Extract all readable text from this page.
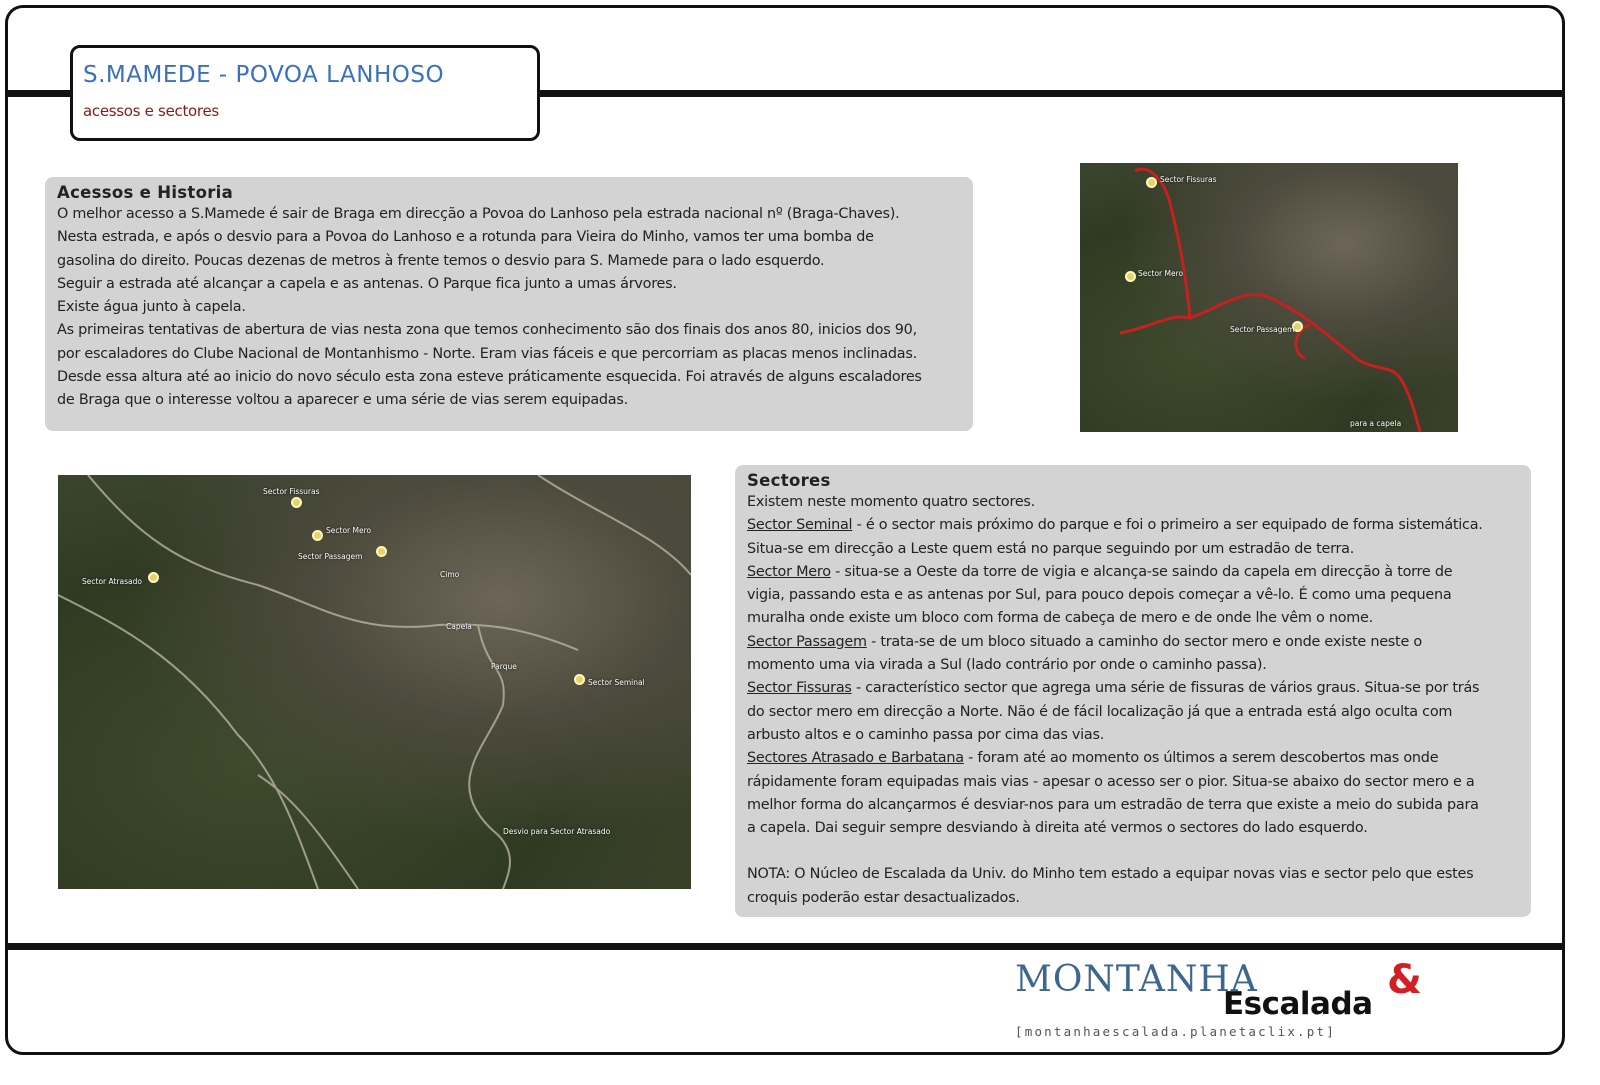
S.MAMEDE - POVOA LANHOSO
acessos e sectores
Acessos e Historia
O melhor acesso a S.Mamede é sair de Braga em direcção a Povoa do Lanhoso pela estrada nacional nº (Braga-Chaves).
Nesta estrada, e após o desvio para a Povoa do Lanhoso e a rotunda para Vieira do Minho, vamos ter uma bomba de
gasolina do direito. Poucas dezenas de metros à frente temos o desvio para S. Mamede para o lado esquerdo.
Seguir a estrada até alcançar a capela e as antenas. O Parque fica junto a umas árvores.
Existe água junto à capela.
As primeiras tentativas de abertura de vias nesta zona que temos conhecimento são dos finais dos anos 80, inicios dos 90,
por escaladores do Clube Nacional de Montanhismo - Norte. Eram vias fáceis e que percorriam as placas menos inclinadas.
Desde essa altura até ao inicio do novo século esta zona esteve práticamente esquecida. Foi através de alguns escaladores
de Braga que o interesse voltou a aparecer e uma série de vias serem equipadas.
Sector Fissuras
Sector Mero
Sector Passagem
para a capela
Sector Fissuras
Sector Mero
Sector Passagem
Sector Atrasado
Cimo
Capela
Parque
Sector Seminal
Desvio para Sector Atrasado
Sectores
Existem neste momento quatro sectores.
Sector Seminal - é o sector mais próximo do parque e foi o primeiro a ser equipado de forma sistemática.
Situa-se em direcção a Leste quem está no parque seguindo por um estradão de terra.
Sector Mero - situa-se a Oeste da torre de vigia e alcança-se saindo da capela em direcção à torre de
vigia, passando esta e as antenas por Sul, para pouco depois começar a vê-lo. É como uma pequena
muralha onde existe um bloco com forma de cabeça de mero e de onde lhe vêm o nome.
Sector Passagem - trata-se de um bloco situado a caminho do sector mero e onde existe neste o
momento uma via virada a Sul (lado contrário por onde o caminho passa).
Sector Fissuras - característico sector que agrega uma série de fissuras de vários graus. Situa-se por trás
do sector mero em direcção a Norte. Não é de fácil localização já que a entrada está algo oculta com
arbusto altos e o caminho passa por cima das vias.
Sectores Atrasado e Barbatana - foram até ao momento os últimos a serem descobertos mas onde
rápidamente foram equipadas mais vias - apesar o acesso ser o pior. Situa-se abaixo do sector mero e a
melhor forma do alcançarmos é desviar-nos para um estradão de terra que existe a meio do subida para
a capela. Dai seguir sempre desviando à direita até vermos o sectores do lado esquerdo.
NOTA: O Núcleo de Escalada da Univ. do Minho tem estado a equipar novas vias e sector pelo que estes
croquis poderão estar desactualizados.
MONTANHA	&
Escalada
[montanhaescalada.planetaclix.pt]
